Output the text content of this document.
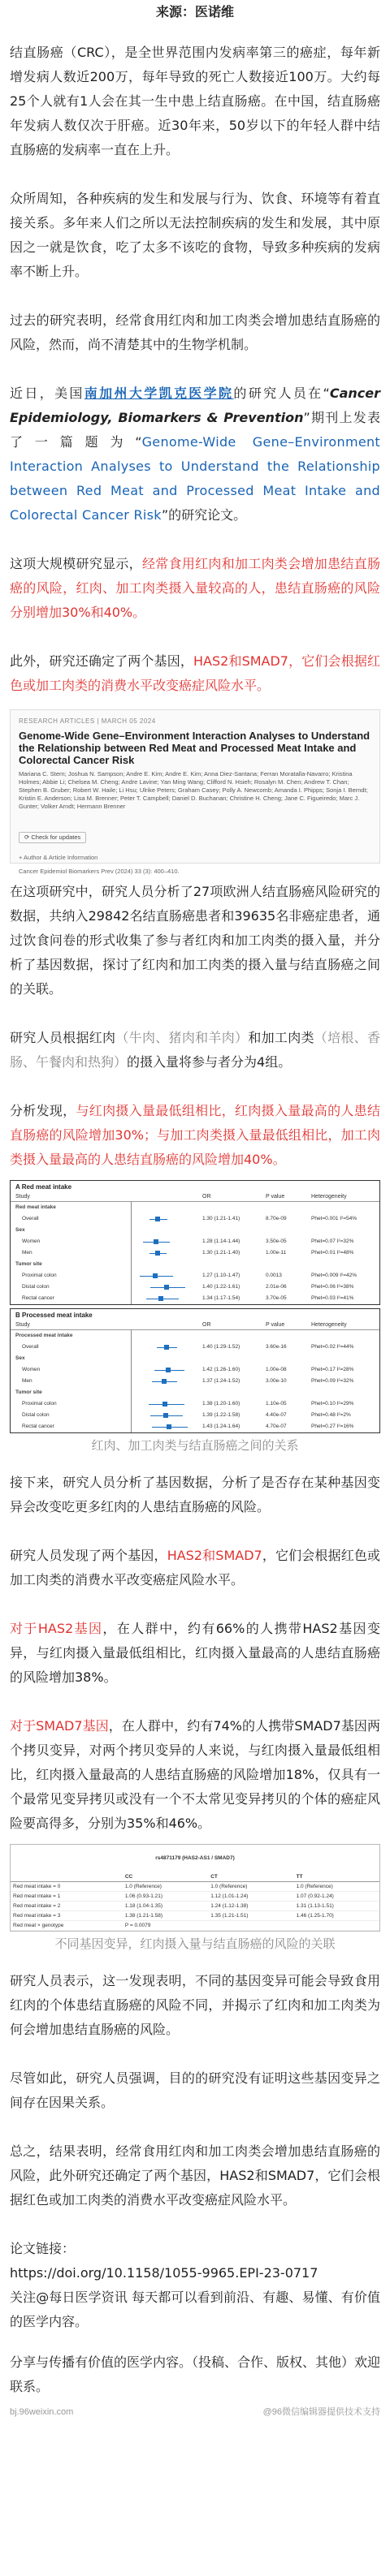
来源：医诺维

结直肠癌（CRC），是全世界范围内发病率第三的癌症，每年新增发病人数近200万，每年导致的死亡人数接近100万。大约每25个人就有1人会在其一生中患上结直肠癌。在中国，结直肠癌年发病人数仅次于肝癌。近30年来，50岁以下的年轻人群中结直肠癌的发病率一直在上升。

众所周知，各种疾病的发生和发展与行为、饮食、环境等有着直接关系。多年来人们之所以无法控制疾病的发生和发展，其中原因之一就是饮食，吃了太多不该吃的食物，导致多种疾病的发病率不断上升。

过去的研究表明，经常食用红肉和加工肉类会增加患结直肠癌的风险，然而，尚不清楚其中的生物学机制。

近日，美国南加州大学凯克医学院的研究人员在“Cancer Epidemiology, Biomarkers & Prevention”期刊上发表了一篇题为“Genome-Wide Gene–Environment Interaction Analyses to Understand the Relationship between Red Meat and Processed Meat Intake and Colorectal Cancer Risk”的研究论文。

这项大规模研究显示，经常食用红肉和加工肉类会增加患结直肠癌的风险，红肉、加工肉类摄入量较高的人，患结直肠癌的风险分别增加30%和40%。

此外，研究还确定了两个基因，HAS2和SMAD7，它们会根据红色或加工肉类的消费水平改变癌症风险水平。

RESEARCH ARTICLES | MARCH 05 2024
Genome-Wide Gene–Environment Interaction Analyses to Understand the Relationship between Red Meat and Processed Meat Intake and Colorectal Cancer Risk
Mariana C. Stern; Joshua N. Sampson; Andre E. Kim; Andre E. Kim; Anna Diez-Santana; Ferran Moratalla-Navarro; Kristina Holmes; Abbie Li; Chelsea M. Cheng; Andre Lavine; Yan Ming Wang; Clifford N. Hsieh; Rosalyn M. Chen; Andrew T. Chan; Stephen B. Gruber; Robert W. Haile; Li Hsu; Ulrike Peters; Graham Casey; Polly A. Newcomb; Amanda I. Phipps; Sonja I. Berndt; Kristin E. Anderson; Lisa M. Brenner; Peter T. Campbell; Daniel D. Buchanan; Christine H. Cheng; Jane C. Figueiredo; Marc J. Gunter; Volker Arndt; Hermann Brenner
⟳ Check for updates
+ Author & Article Information
Cancer Epidemiol Biomarkers Prev (2024) 33 (3): 400–410.

在这项研究中，研究人员分析了27项欧洲人结直肠癌风险研究的数据，共纳入29842名结直肠癌患者和39635名非癌症患者，通过饮食问卷的形式收集了参与者红肉和加工肉类的摄入量，并分析了基因数据，探讨了红肉和加工肉类的摄入量与结直肠癌之间的关联。

研究人员根据红肉（牛肉、猪肉和羊肉）和加工肉类（培根、香肠、午餐肉和热狗）的摄入量将参与者分为4组。

分析发现，与红肉摄入量最低组相比，红肉摄入量最高的人患结直肠癌的风险增加30%；与加工肉类摄入量最低组相比，加工肉类摄入量最高的人患结直肠癌的风险增加40%。

A Red meat intake
Study	OR	P value	Heterogeneity
Red meat intake
Overall	1.30 (1.21-1.41)	8.70e-09	Phet=0.001 I²=54%
Sex
Women	1.28 (1.14-1.44)	3.50e-05	Phet=0.07 I²=32%
Men	1.30 (1.21-1.40)	1.00e-11	Phet=0.01 I²=48%
Tumor site
Proximal colon	1.27 (1.10-1.47)	0.0013	Phet=0.009 I²=42%
Distal colon	1.40 (1.22-1.61)	2.01e-06	Phet=0.06 I²=38%
Rectal cancer	1.34 (1.17-1.54)	3.70e-05	Phet=0.03 I²=41%
B Processed meat intake
Study	OR	P value	Heterogeneity
Processed meat intake
Overall	1.40 (1.29-1.52)	3.60e-16	Phet=0.02 I²=44%
Sex
Women	1.42 (1.26-1.60)	1.00e-08	Phet=0.17 I²=28%
Men	1.37 (1.24-1.52)	3.00e-10	Phet=0.09 I²=32%
Tumor site
Proximal colon	1.38 (1.20-1.60)	1.10e-05	Phet=0.10 I²=29%
Distal colon	1.39 (1.22-1.58)	4.40e-07	Phet=0.48 I²=2%
Rectal cancer	1.43 (1.24-1.64)	4.70e-07	Phet=0.27 I²=16%
红肉、加工肉类与结直肠癌之间的关系

接下来，研究人员分析了基因数据，分析了是否存在某种基因变异会改变吃更多红肉的人患结直肠癌的风险。

研究人员发现了两个基因，HAS2和SMAD7，它们会根据红色或加工肉类的消费水平改变癌症风险水平。

对于HAS2基因，在人群中，约有66%的人携带HAS2基因变异，与红肉摄入量最低组相比，红肉摄入量最高的人患结直肠癌的风险增加38%。

对于SMAD7基因，在人群中，约有74%的人携带SMAD7基因两个拷贝变异，对两个拷贝变异的人来说，与红肉摄入量最低组相比，红肉摄入量最高的人患结直肠癌的风险增加18%，仅具有一个最常见变异拷贝或没有一个不太常见变异拷贝的个体的癌症风险要高得多，分别为35%和46%。

rs4871179 (HAS2-AS1 / SMAD7)
	CC	CT	TT
Red meat intake = 0	1.0 (Reference)	1.0 (Reference)	1.0 (Reference)
Red meat intake = 1	1.06 (0.93-1.21)	1.12 (1.01-1.24)	1.07 (0.92-1.24)
Red meat intake = 2	1.18 (1.04-1.35)	1.24 (1.12-1.38)	1.31 (1.13-1.51)
Red meat intake = 3	1.38 (1.21-1.58)	1.35 (1.21-1.51)	1.46 (1.25-1.70)
Red meat × genotype	P = 0.0079		
不同基因变异，红肉摄入量与结直肠癌的风险的关联

研究人员表示，这一发现表明，不同的基因变异可能会导致食用红肉的个体患结直肠癌的风险不同，并揭示了红肉和加工肉类为何会增加患结直肠癌的风险。

尽管如此，研究人员强调，目的的研究没有证明这些基因变异之间存在因果关系。

总之，结果表明，经常食用红肉和加工肉类会增加患结直肠癌的风险，此外研究还确定了两个基因，HAS2和SMAD7，它们会根据红色或加工肉类的消费水平改变癌症风险水平。

论文链接：

https://doi.org/10.1158/1055-9965.EPI-23-0717

关注@每日医学资讯 每天都可以看到前沿、有趣、易懂、有价值的医学内容。

分享与传播有价值的医学内容。（投稿、合作、版权、其他）欢迎联系。

bj.96weixin.com	@96微信编辑器提供技术支持
